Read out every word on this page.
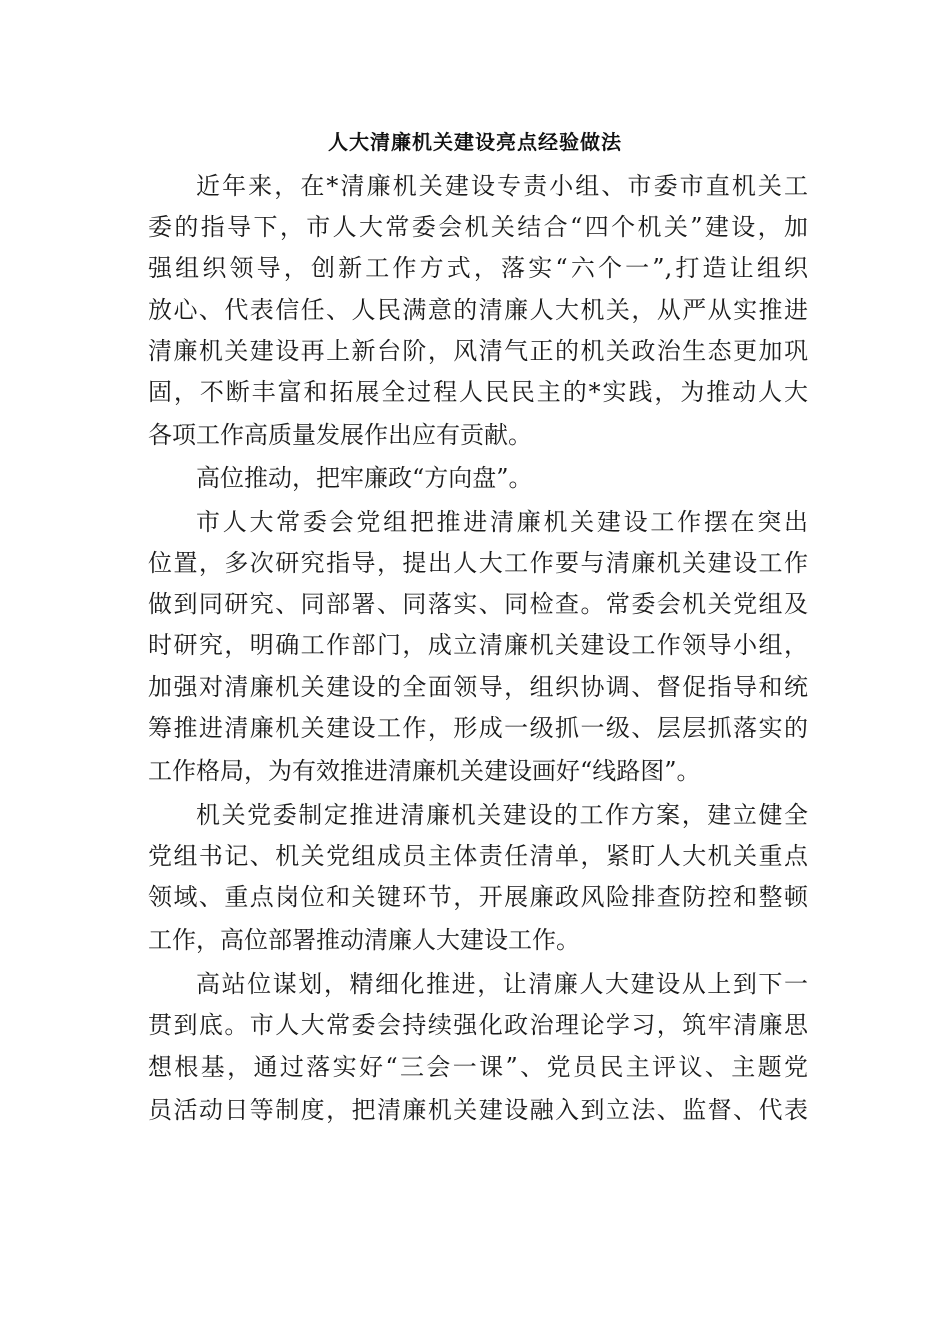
人大清廉机关建设亮点经验做法

近年来，在*清廉机关建设专责小组、市委市直机关工

委的指导下，市人大常委会机关结合“四个机关”建设，加

强组织领导，创新工作方式，落实“六个一”,打造让组织

放心、代表信任、人民满意的清廉人大机关，从严从实推进

清廉机关建设再上新台阶，风清气正的机关政治生态更加巩

固，不断丰富和拓展全过程人民民主的*实践，为推动人大

各项工作高质量发展作出应有贡献。

高位推动，把牢廉政“方向盘”。

市人大常委会党组把推进清廉机关建设工作摆在突出

位置，多次研究指导，提出人大工作要与清廉机关建设工作

做到同研究、同部署、同落实、同检查。常委会机关党组及

时研究，明确工作部门，成立清廉机关建设工作领导小组，

加强对清廉机关建设的全面领导，组织协调、督促指导和统

筹推进清廉机关建设工作，形成一级抓一级、层层抓落实的

工作格局，为有效推进清廉机关建设画好“线路图”。

机关党委制定推进清廉机关建设的工作方案，建立健全

党组书记、机关党组成员主体责任清单，紧盯人大机关重点

领域、重点岗位和关键环节，开展廉政风险排查防控和整顿

工作，高位部署推动清廉人大建设工作。

高站位谋划，精细化推进，让清廉人大建设从上到下一

贯到底。市人大常委会持续强化政治理论学习，筑牢清廉思

想根基，通过落实好“三会一课”、党员民主评议、主题党

员活动日等制度，把清廉机关建设融入到立法、监督、代表
